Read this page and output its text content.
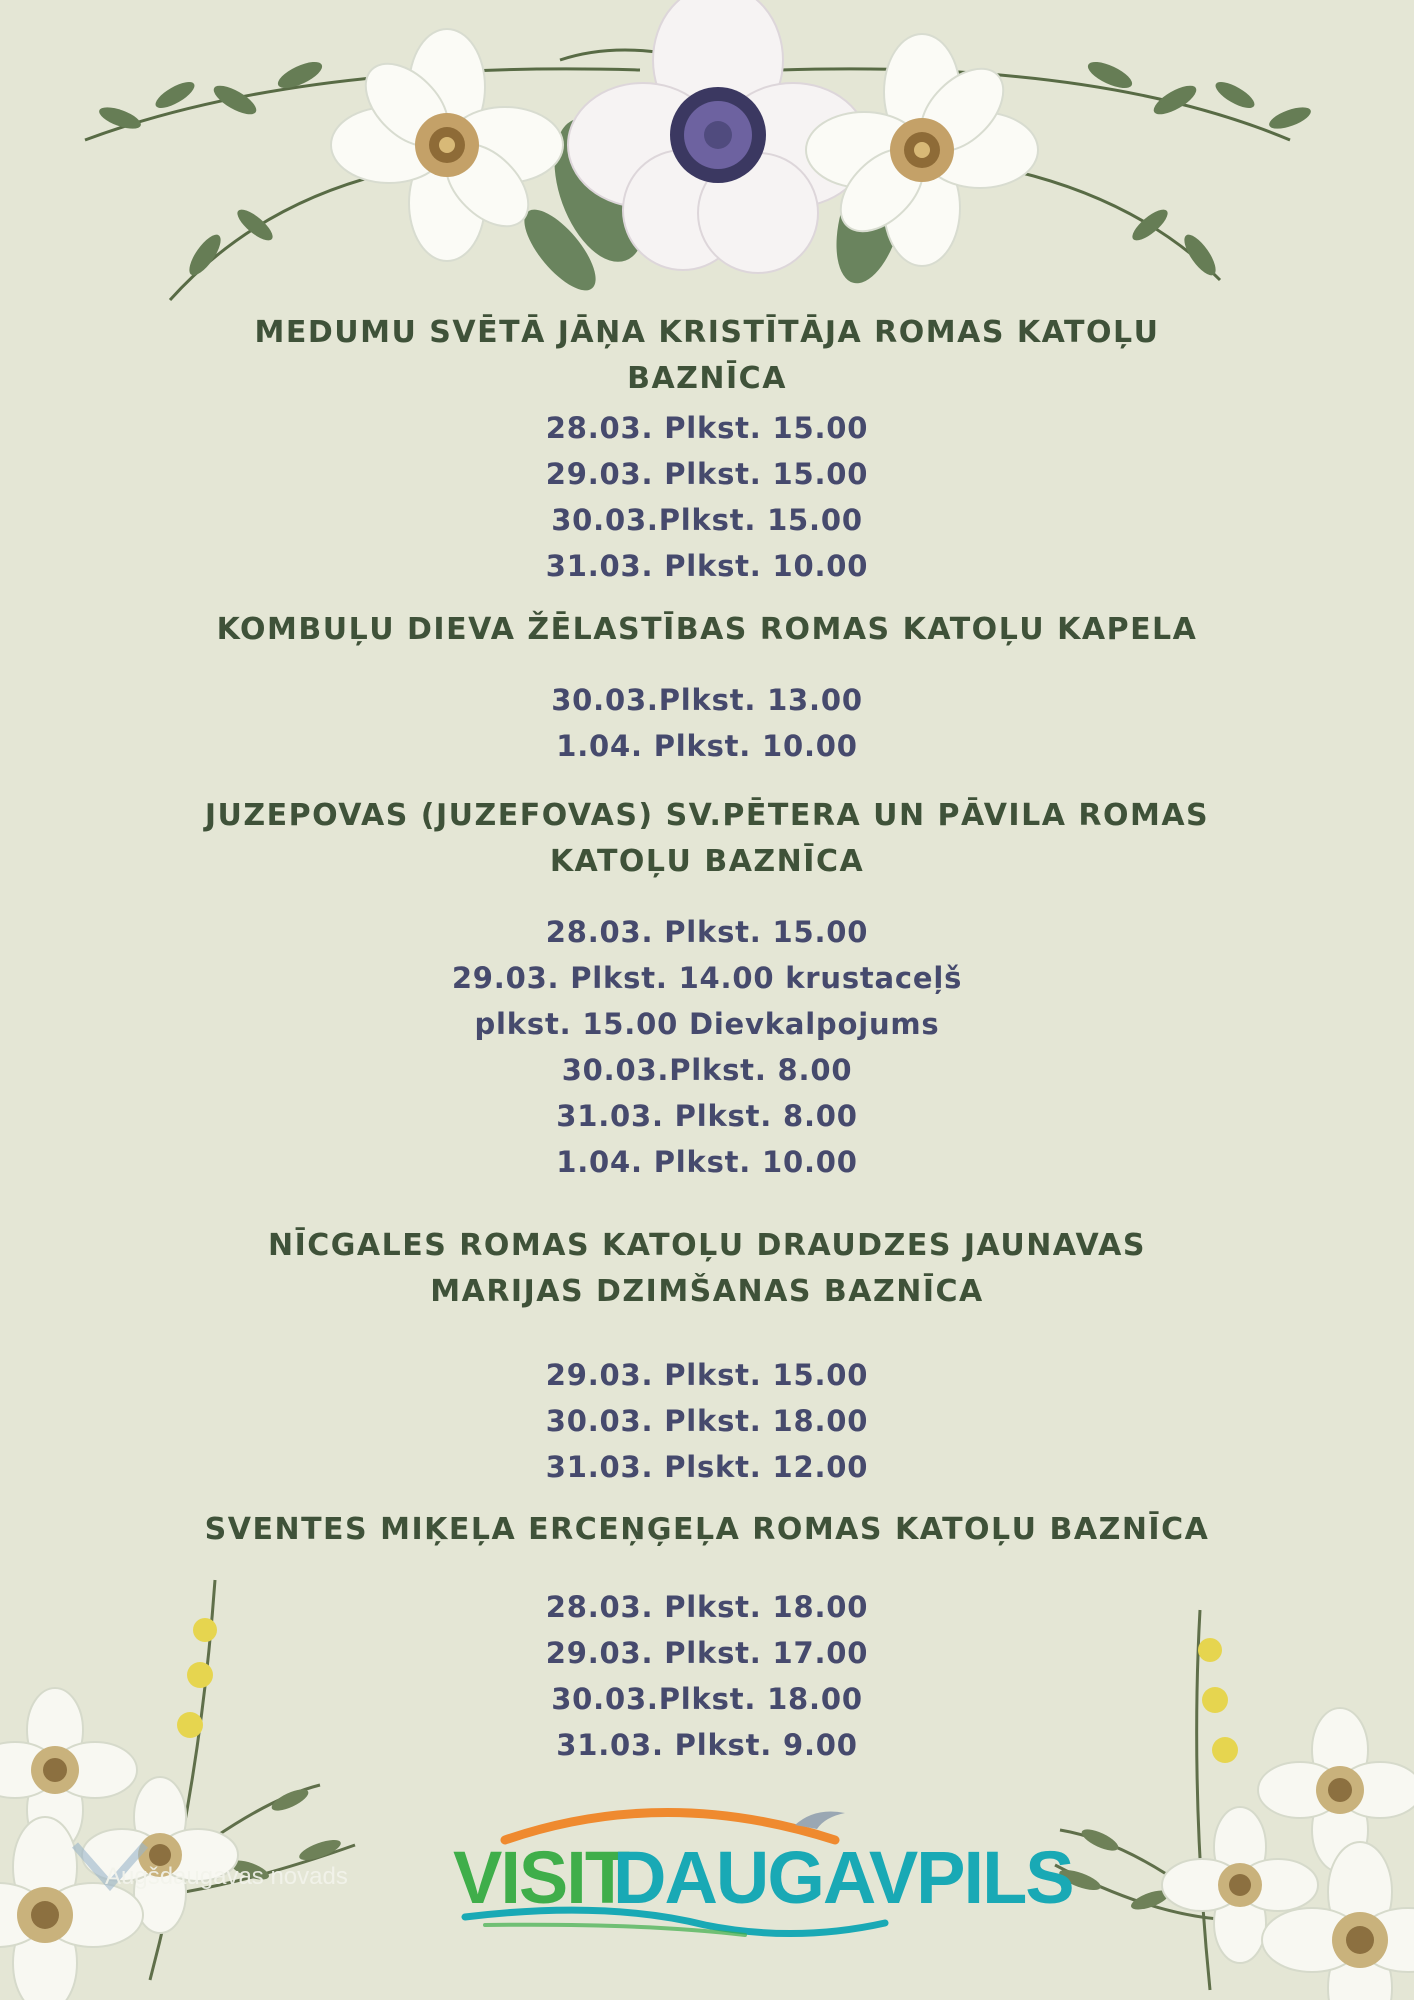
MEDUMU SVĒTĀ JĀŅA KRISTĪTĀJA ROMAS KATOĻU
BAZNĪCA
28.03. Plkst. 15.00
29.03. Plkst. 15.00
30.03.Plkst. 15.00
31.03. Plkst. 10.00
KOMBUĻU DIEVA ŽĒLASTĪBAS ROMAS KATOĻU KAPELA
30.03.Plkst. 13.00
1.04. Plkst. 10.00
JUZEPOVAS (JUZEFOVAS) SV.PĒTERA UN PĀVILA ROMAS
KATOĻU BAZNĪCA
28.03. Plkst. 15.00
29.03. Plkst. 14.00 krustaceļš
plkst. 15.00 Dievkalpojums
30.03.Plkst. 8.00
31.03. Plkst. 8.00
1.04. Plkst. 10.00
NĪCGALES ROMAS KATOĻU DRAUDZES JAUNAVAS
MARIJAS DZIMŠANAS BAZNĪCA
29.03. Plkst. 15.00
30.03. Plkst. 18.00
31.03. Plskt. 12.00
SVENTES MIĶEĻA ERCEŅĢEĻA ROMAS KATOĻU BAZNĪCA
28.03. Plkst. 18.00
29.03. Plkst. 17.00
30.03.Plkst. 18.00
31.03. Plkst. 9.00
Augšdaugavas novads VISIT
DAUGAVPILS
